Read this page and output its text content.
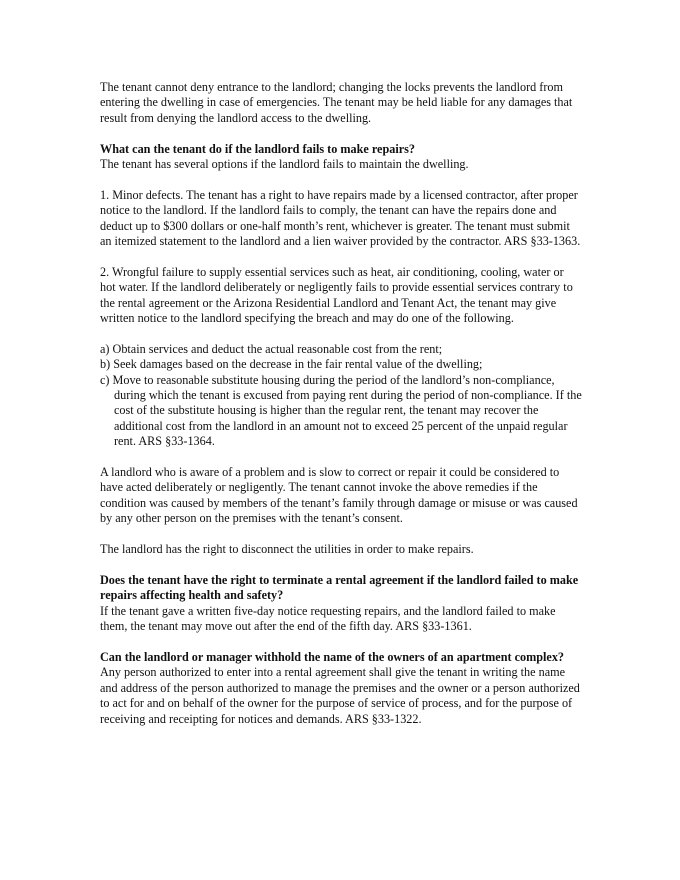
The tenant cannot deny entrance to the landlord; changing the locks prevents the landlord from entering the dwelling in case of emergencies. The tenant may be held liable for any damages that result from denying the landlord access to the dwelling.

What can the tenant do if the landlord fails to make repairs?

The tenant has several options if the landlord fails to maintain the dwelling.

1. Minor defects. The tenant has a right to have repairs made by a licensed contractor, after proper notice to the landlord. If the landlord fails to comply, the tenant can have the repairs done and deduct up to $300 dollars or one-half month’s rent, whichever is greater. The tenant must submit an itemized statement to the landlord and a lien waiver provided by the contractor. ARS §33-1363.

2. Wrongful failure to supply essential services such as heat, air conditioning, cooling, water or hot water. If the landlord deliberately or negligently fails to provide essential services contrary to the rental agreement or the Arizona Residential Landlord and Tenant Act, the tenant may give written notice to the landlord specifying the breach and may do one of the following.

a) Obtain services and deduct the actual reasonable cost from the rent;
b) Seek damages based on the decrease in the fair rental value of the dwelling;
c) Move to reasonable substitute housing during the period of the landlord’s non-compliance, during which the tenant is excused from paying rent during the period of non-compliance. If the cost of the substitute housing is higher than the regular rent, the tenant may recover the additional cost from the landlord in an amount not to exceed 25 percent of the unpaid regular rent. ARS §33-1364.

A landlord who is aware of a problem and is slow to correct or repair it could be considered to have acted deliberately or negligently. The tenant cannot invoke the above remedies if the condition was caused by members of the tenant’s family through damage or misuse or was caused by any other person on the premises with the tenant’s consent.

The landlord has the right to disconnect the utilities in order to make repairs.

Does the tenant have the right to terminate a rental agreement if the landlord failed to make repairs affecting health and safety?

If the tenant gave a written five-day notice requesting repairs, and the landlord failed to make them, the tenant may move out after the end of the fifth day. ARS §33-1361.

Can the landlord or manager withhold the name of the owners of an apartment complex?

Any person authorized to enter into a rental agreement shall give the tenant in writing the name and address of the person authorized to manage the premises and the owner or a person authorized to act for and on behalf of the owner for the purpose of service of process, and for the purpose of receiving and receipting for notices and demands. ARS §33-1322.
